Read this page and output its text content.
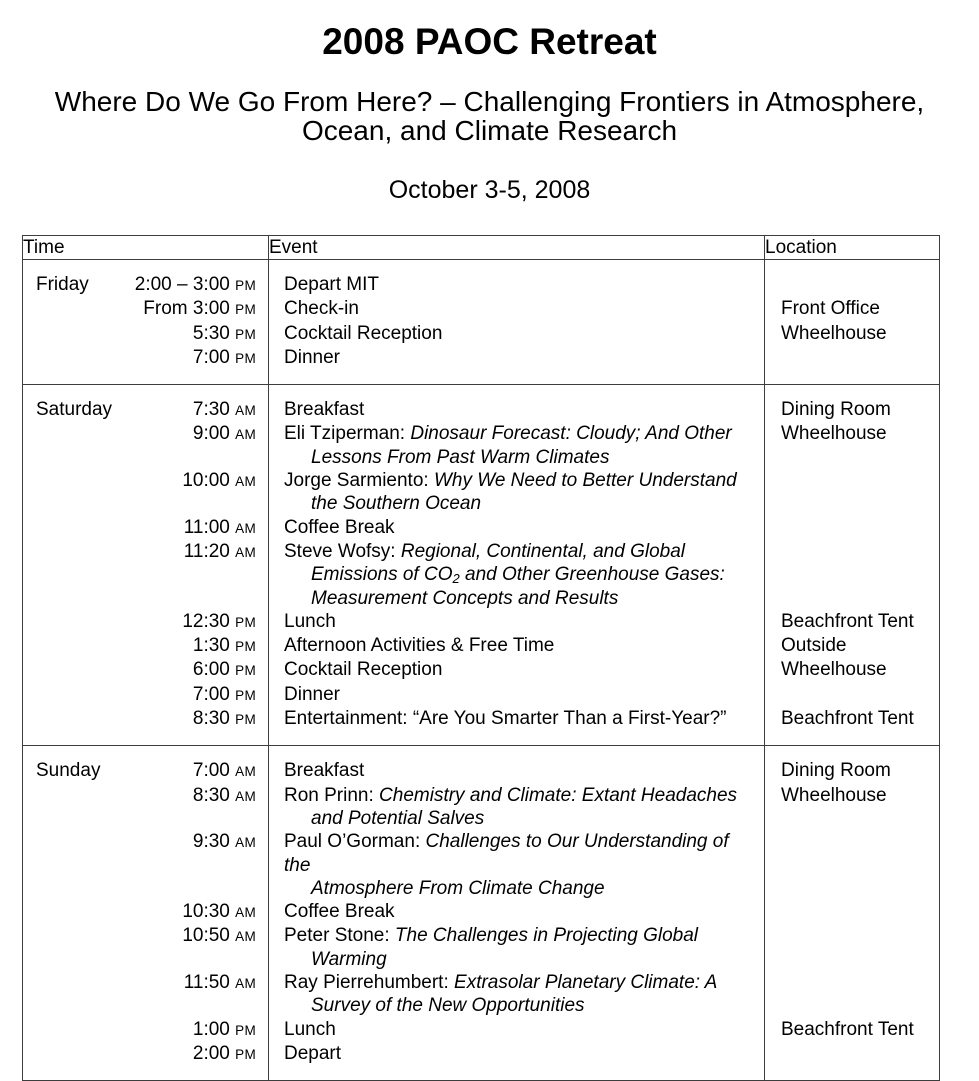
2008 PAOC Retreat
Where Do We Go From Here? – Challenging Frontiers in Atmosphere,
Ocean, and Climate Research
October 3-5, 2008
Time	Event	Location

Friday 2:00 – 3:00 PM	Depart MIT	

From 3:00 PM	Check-in	Front Office
5:30 PM	Cocktail Reception	Wheelhouse
7:00 PM	Dinner	

Saturday 7:30 AM	Breakfast	Dining Room
9:00 AM	Eli Tziperman: Dinosaur Forecast: Cloudy; And Other
Lessons From Past Warm Climates	Wheelhouse
10:00 AM	Jorge Sarmiento: Why We Need to Better Understand
the Southern Ocean	

11:00 AM	Coffee Break	

11:20 AM	Steve Wofsy: Regional, Continental, and Global
Emissions of $CO_2$ and Other Greenhouse Gases:
Measurement Concepts and Results	

12:30 PM	Lunch	Beachfront Tent
1:30 PM	Afternoon Activities & Free Time	Outside
6:00 PM	Cocktail Reception	Wheelhouse
7:00 PM	Dinner	

8:30 PM	Entertainment: “Are You Smarter Than a First-Year?”	Beachfront Tent

Sunday 7:00 AM	Breakfast	Dining Room
8:30 AM	Ron Prinn: Chemistry and Climate: Extant Headaches
and Potential Salves	Wheelhouse
9:30 AM	Paul O’Gorman: Challenges to Our Understanding of the
Atmosphere From Climate Change	

10:30 AM	Coffee Break	

10:50 AM	Peter Stone: The Challenges in Projecting Global
Warming	

11:50 AM	Ray Pierrehumbert: Extrasolar Planetary Climate: A
Survey of the New Opportunities	

1:00 PM	Lunch	Beachfront Tent
2:00 PM	Depart	
